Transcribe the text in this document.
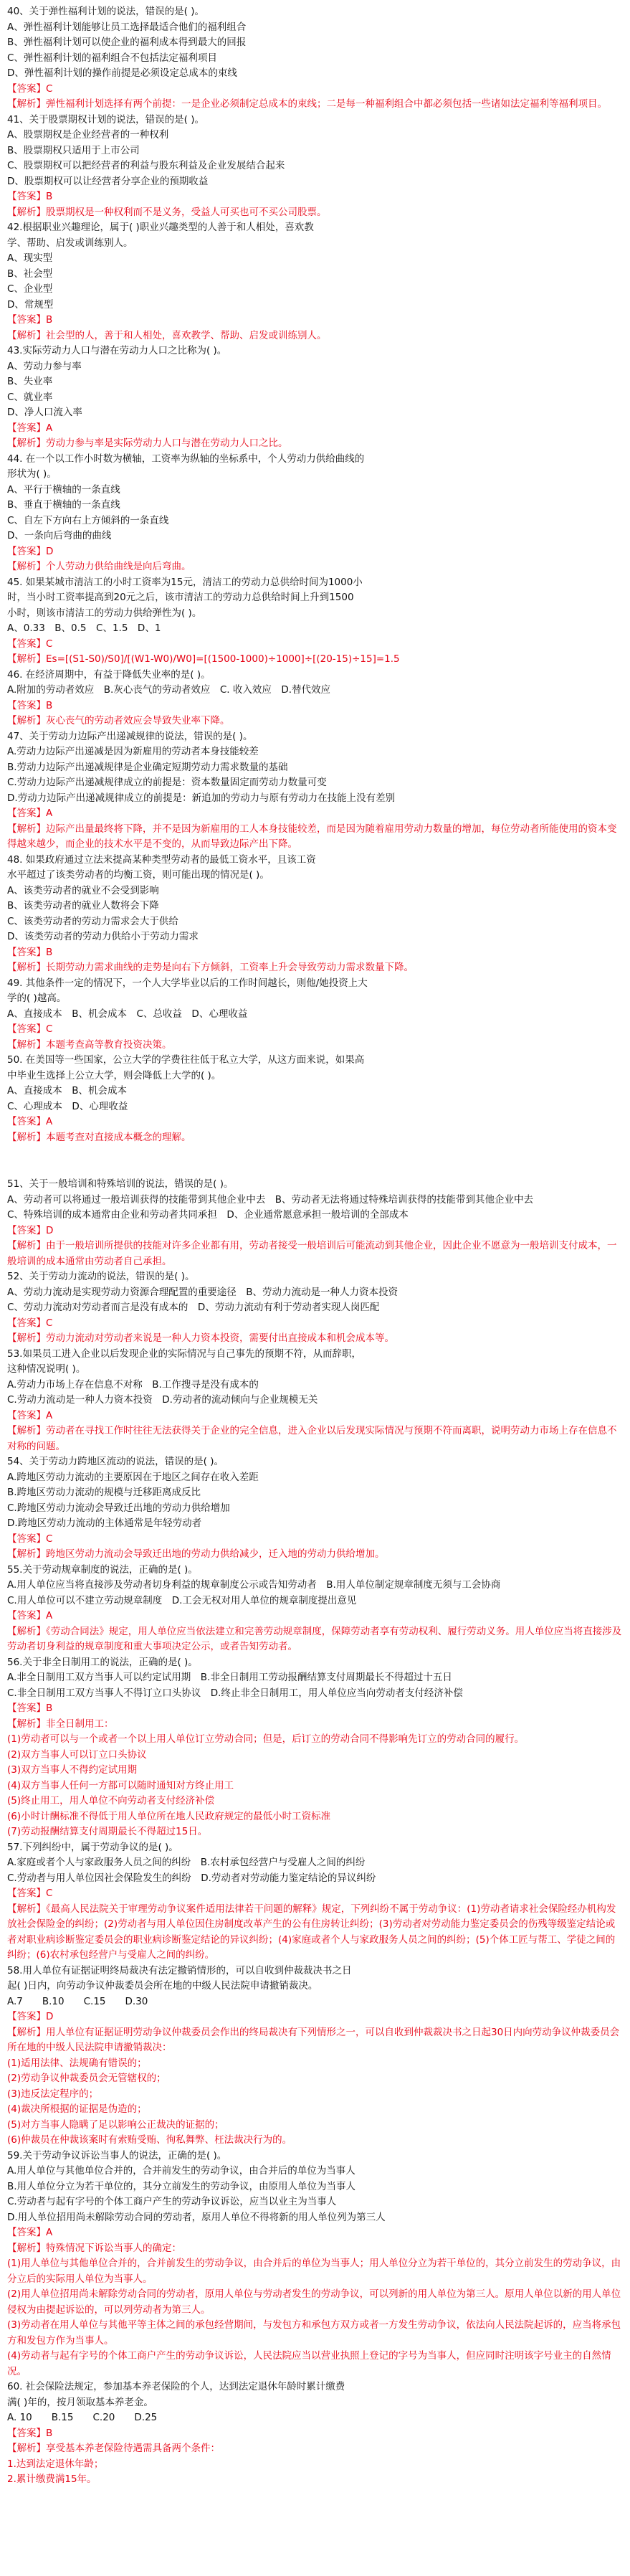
40、关于弹性福利计划的说法，错误的是( )。
A、弹性福利计划能够让员工选择最适合他们的福利组合
B、弹性福利计划可以使企业的福利成本得到最大的回报
C、弹性福利计划的福利组合不包括法定福利项目
D、弹性福利计划的操作前提是必须设定总成本的束线
【答案】C
【解析】弹性福利计划选择有两个前提：一是企业必须制定总成本的束线；二是每一种福利组合中都必须包括一些诸如法定福利等福利项目。
41、关于股票期权计划的说法，错误的是( )。
A、股票期权是企业经营者的一种权利
B、股票期权只适用于上市公司
C、股票期权可以把经营者的利益与股东利益及企业发展结合起来
D、股票期权可以让经营者分享企业的预期收益
【答案】B
【解析】股票期权是一种权利而不是义务，受益人可买也可不买公司股票。
42.根据职业兴趣理论，属于( )职业兴趣类型的人善于和人相处，喜欢教
学、帮助、启发或训练别人。
A、现实型
B、社会型
C、企业型
D、常规型
【答案】B
【解析】社会型的人，善于和人相处，喜欢教学、帮助、启发或训练别人。
43.实际劳动力人口与潜在劳动力人口之比称为( )。
A、劳动力参与率
B、失业率
C、就业率
D、净人口流入率
【答案】A
【解析】劳动力参与率是实际劳动力人口与潜在劳动力人口之比。
44. 在一个以工作小时数为横轴，工资率为纵轴的坐标系中，个人劳动力供给曲线的
形状为( )。
A、平行于横轴的一条直线
B、垂直于横轴的一条直线
C、自左下方向右上方倾斜的一条直线
D、一条向后弯曲的曲线
【答案】D
【解析】个人劳动力供给曲线是向后弯曲。
45. 如果某城市清洁工的小时工资率为15元，清洁工的劳动力总供给时间为1000小
时，当小时工资率提高到20元之后，该市清洁工的劳动力总供给时间上升到1500
小时，则该市清洁工的劳动力供给弹性为( )。
A、0.33　B、0.5　C、1.5　D、1
【答案】C
【解析】Es=[(S1-S0)/S0]/[(W1-W0)/W0]=[(1500-1000)÷1000]÷[(20-15)÷15]=1.5
46. 在经济周期中，有益于降低失业率的是( )。
A.附加的劳动者效应　B.灰心丧气的劳动者效应　C. 收入效应　D.替代效应
【答案】B
【解析】灰心丧气的劳动者效应会导致失业率下降。
47、关于劳动力边际产出递减规律的说法，错误的是( )。
A.劳动力边际产出递减是因为新雇用的劳动者本身技能较差
B.劳动力边际产出递减规律是企业确定短期劳动力需求数量的基础
C.劳动力边际产出递减规律成立的前提是：资本数量固定而劳动力数量可变
D.劳动力边际产出递减规律成立的前提是：新追加的劳动力与原有劳动力在技能上没有差别
【答案】A
【解析】边际产出量最终将下降，并不是因为新雇用的工人本身技能较差，而是因为随着雇用劳动力数量的增加，每位劳动者所能使用的资本变得越来越少，而企业的技术水平是不变的，从而导致边际产出下降。
48. 如果政府通过立法来提高某种类型劳动者的最低工资水平，且该工资
水平超过了该类劳动者的均衡工资，则可能出现的情况是( )。
A、该类劳动者的就业不会受到影响
B、该类劳动者的就业人数将会下降
C、该类劳动者的劳动力需求会大于供给
D、该类劳动者的劳动力供给小于劳动力需求
【答案】B
【解析】长期劳动力需求曲线的走势是向右下方倾斜，工资率上升会导致劳动力需求数量下降。
49. 其他条件一定的情况下，一个人大学毕业以后的工作时间越长，则他/她投资上大
学的( )越高。
A、直接成本　B、机会成本　C、总收益　D、心理收益
【答案】C
【解析】本题考查高等教育投资决策。
50. 在美国等一些国家，公立大学的学费往往低于私立大学，从这方面来说，如果高
中毕业生选择上公立大学，则会降低上大学的( )。
A、直接成本　B、机会成本
C、心理成本　D、心理收益
【答案】A
【解析】本题考查对直接成本概念的理解。
51、关于一般培训和特殊培训的说法，错误的是( )。
A、劳动者可以将通过一般培训获得的技能带到其他企业中去　B、劳动者无法将通过特殊培训获得的技能带到其他企业中去
C、特殊培训的成本通常由企业和劳动者共同承担　D、企业通常愿意承担一般培训的全部成本
【答案】D
【解析】由于一般培训所提供的技能对许多企业都有用，劳动者接受一般培训后可能流动到其他企业，因此企业不愿意为一般培训支付成本，一般培训的成本通常由劳动者自己承担。
52、关于劳动力流动的说法，错误的是( )。
A、劳动力流动是实现劳动力资源合理配置的重要途径　B、劳动力流动是一种人力资本投资
C、劳动力流动对劳动者而言是没有成本的　D、劳动力流动有利于劳动者实现人岗匹配
【答案】C
【解析】劳动力流动对劳动者来说是一种人力资本投资，需要付出直接成本和机会成本等。
53.如果员工进入企业以后发现企业的实际情况与自己事先的预期不符，从而辞职，
这种情况说明( )。
A.劳动力市场上存在信息不对称　B.工作搜寻是没有成本的
C.劳动力流动是一种人力资本投资　D.劳动者的流动倾向与企业规模无关
【答案】A
【解析】劳动者在寻找工作时往往无法获得关于企业的完全信息，进入企业以后发现实际情况与预期不符而离职，说明劳动力市场上存在信息不对称的问题。
54、关于劳动力跨地区流动的说法，错误的是( )。
A.跨地区劳动力流动的主要原因在于地区之间存在收入差距
B.跨地区劳动力流动的规模与迁移距离成反比
C.跨地区劳动力流动会导致迁出地的劳动力供给增加
D.跨地区劳动力流动的主体通常是年轻劳动者
【答案】C
【解析】跨地区劳动力流动会导致迁出地的劳动力供给减少，迁入地的劳动力供给增加。
55.关于劳动规章制度的说法，正确的是( )。
A.用人单位应当将直接涉及劳动者切身利益的规章制度公示或告知劳动者　B.用人单位制定规章制度无须与工会协商
C.用人单位可以不建立劳动规章制度　D.工会无权对用人单位的规章制度提出意见
【答案】A
【解析】《劳动合同法》规定，用人单位应当依法建立和完善劳动规章制度，保障劳动者享有劳动权利、履行劳动义务。用人单位应当将直接涉及劳动者切身利益的规章制度和重大事项决定公示，或者告知劳动者。
56.关于非全日制用工的说法，正确的是( )。
A.非全日制用工双方当事人可以约定试用期　B.非全日制用工劳动报酬结算支付周期最长不得超过十五日
C.非全日制用工双方当事人不得订立口头协议　D.终止非全日制用工，用人单位应当向劳动者支付经济补偿
【答案】B
【解析】非全日制用工：
(1)劳动者可以与一个或者一个以上用人单位订立劳动合同；但是，后订立的劳动合同不得影响先订立的劳动合同的履行。
(2)双方当事人可以订立口头协议
(3)双方当事人不得约定试用期
(4)双方当事人任何一方都可以随时通知对方终止用工
(5)终止用工，用人单位不向劳动者支付经济补偿
(6)小时计酬标准不得低于用人单位所在地人民政府规定的最低小时工资标准
(7)劳动报酬结算支付周期最长不得超过15日。
57.下列纠纷中，属于劳动争议的是( )。
A.家庭或者个人与家政服务人员之间的纠纷　B.农村承包经营户与受雇人之间的纠纷
C.劳动者与用人单位因社会保险发生的纠纷　D.劳动者对劳动能力鉴定结论的异议纠纷
【答案】C
【解析】《最高人民法院关于审理劳动争议案件适用法律若干问题的解释》规定，下列纠纷不属于劳动争议：(1)劳动者请求社会保险经办机构发放社会保险金的纠纷；(2)劳动者与用人单位因住房制度改革产生的公有住房转让纠纷；(3)劳动者对劳动能力鉴定委员会的伤残等级鉴定结论或者对职业病诊断鉴定委员会的职业病诊断鉴定结论的异议纠纷；(4)家庭或者个人与家政服务人员之间的纠纷；(5)个体工匠与帮工、学徒之间的纠纷；(6)农村承包经营户与受雇人之间的纠纷。
58.用人单位有证据证明终局裁决有法定撤销情形的，可以自收到仲裁裁决书之日
起( )日内，向劳动争议仲裁委员会所在地的中级人民法院申请撤销裁决。
A.7　　B.10　　C.15　　D.30
【答案】D
【解析】用人单位有证据证明劳动争议仲裁委员会作出的终局裁决有下列情形之一，可以自收到仲裁裁决书之日起30日内向劳动争议仲裁委员会所在地的中级人民法院申请撤销裁决：
(1)适用法律、法规确有错误的；
(2)劳动争议仲裁委员会无管辖权的；
(3)违反法定程序的；
(4)裁决所根据的证据是伪造的；
(5)对方当事人隐瞒了足以影响公正裁决的证据的；
(6)仲裁员在仲裁该案时有索贿受贿、徇私舞弊、枉法裁决行为的。
59.关于劳动争议诉讼当事人的说法，正确的是( )。
A.用人单位与其他单位合并的，合并前发生的劳动争议，由合并后的单位为当事人
B.用人单位分立为若干单位的，其分立前发生的劳动争议，由原用人单位为当事人
C.劳动者与起有字号的个体工商户产生的劳动争议诉讼，应当以业主为当事人
D.用人单位招用尚未解除劳动合同的劳动者，原用人单位不得将新的用人单位列为第三人
【答案】A
【解析】特殊情况下诉讼当事人的确定：
(1)用人单位与其他单位合并的，合并前发生的劳动争议，由合并后的单位为当事人；用人单位分立为若干单位的，其分立前发生的劳动争议，由分立后的实际用人单位为当事人。
(2)用人单位招用尚未解除劳动合同的劳动者，原用人单位与劳动者发生的劳动争议，可以列新的用人单位为第三人。原用人单位以新的用人单位侵权为由提起诉讼的，可以列劳动者为第三人。
(3)劳动者在用人单位与其他平等主体之间的承包经营期间，与发包方和承包方双方或者一方发生劳动争议，依法向人民法院起诉的，应当将承包方和发包方作为当事人。
(4)劳动者与起有字号的个体工商户产生的劳动争议诉讼，人民法院应当以营业执照上登记的字号为当事人，但应同时注明该字号业主的自然情况。
60. 社会保险法规定，参加基本养老保险的个人，达到法定退休年龄时累计缴费
满( )年的，按月领取基本养老金。
A. 10　　B.15　　C.20　　D.25
【答案】B
【解析】享受基本养老保险待遇需具备两个条件：
1.达到法定退休年龄；
2.累计缴费满15年。
